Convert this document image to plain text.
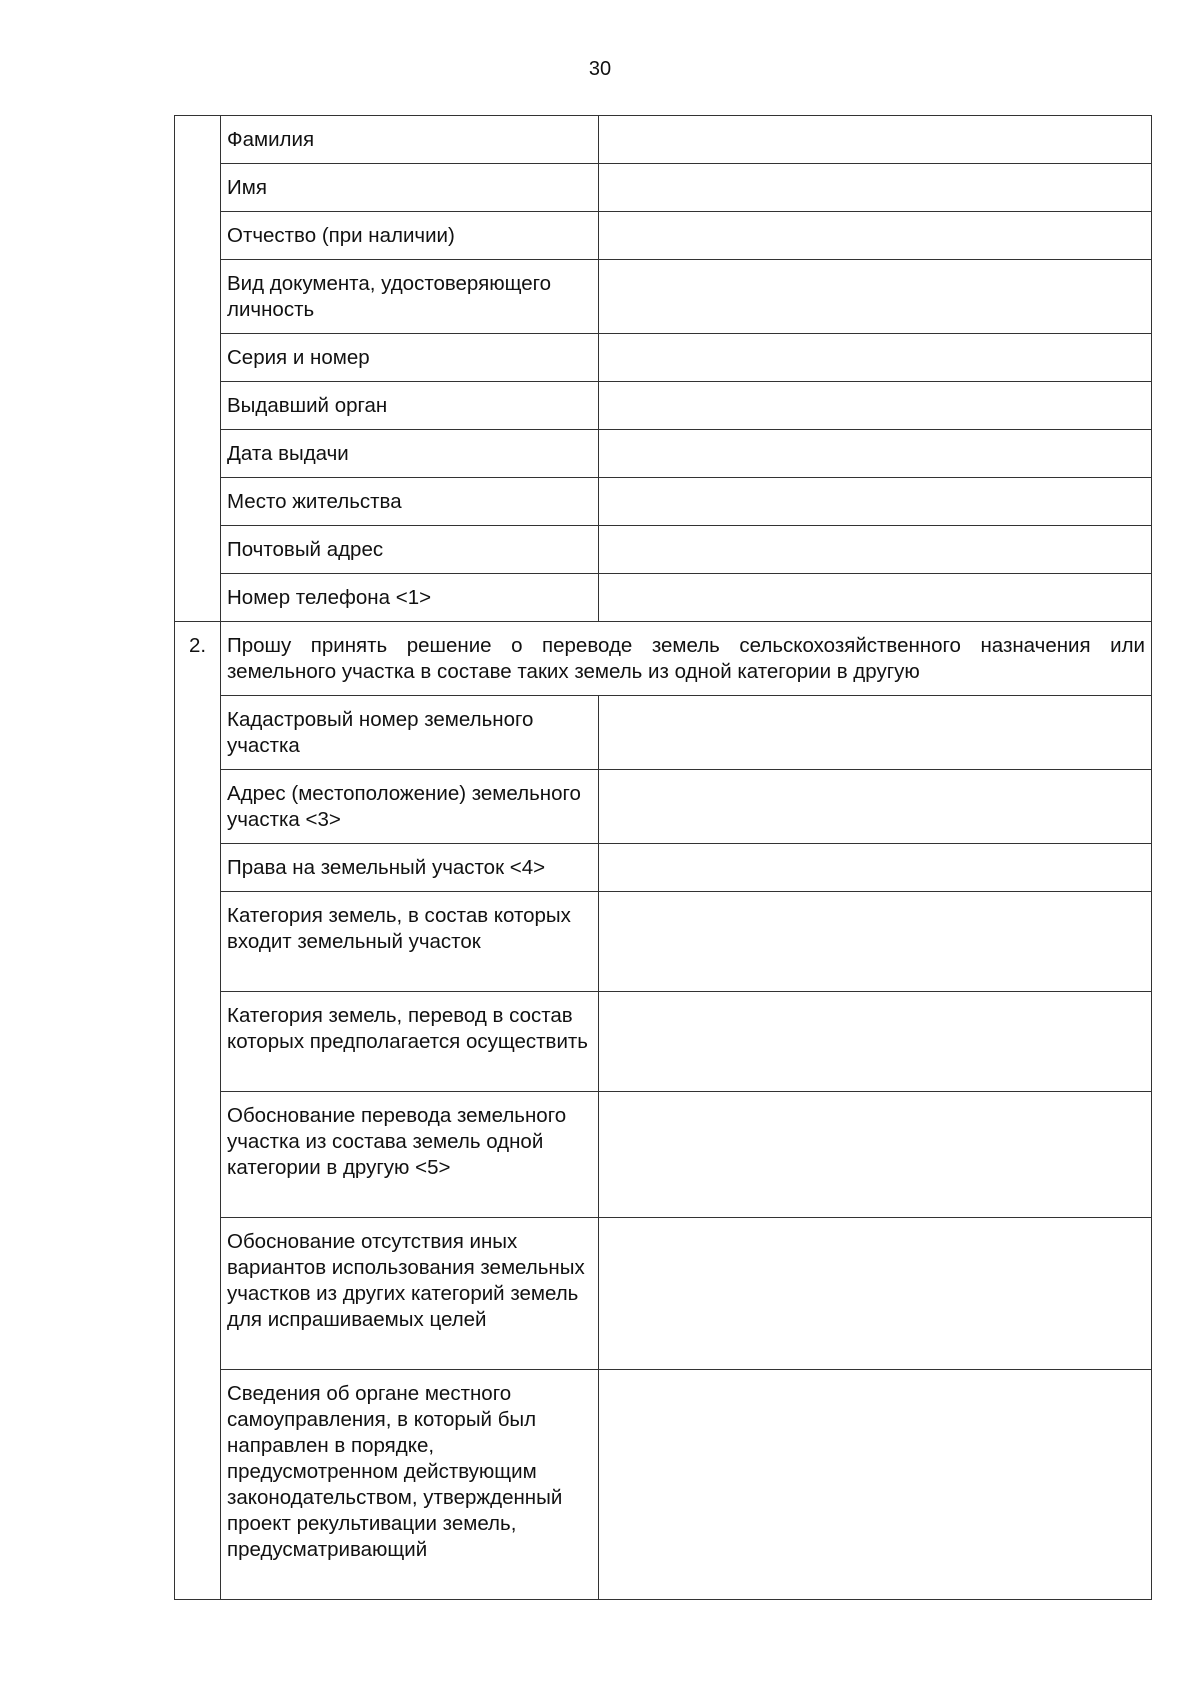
30
	Фамилия	
	Имя	
	Отчество (при наличии)	
	Вид документа, удостоверяющего личность	
	Серия и номер	
	Выдавший орган	
	Дата выдачи	
	Место жительства	
	Почтовый адрес	
	Номер телефона <1>	
2.	Прошу принять решение о переводе земель сельскохозяйственного назначения или земельного участка в составе таких земель из одной категории в другую	
	Кадастровый номер земельного участка	
	Адрес (местоположение) земельного участка <3>	
	Права на земельный участок <4>	
	Категория земель, в состав которых входит земельный участок	
	Категория земель, перевод в состав которых предполагается осуществить	
	Обоснование перевода земельного участка из состава земель одной категории в другую <5>	
	Обоснование отсутствия иных вариантов использования земельных участков из других категорий земель для испрашиваемых целей	
	Сведения об органе местного самоуправления, в который был направлен в порядке, предусмотренном действующим законодательством, утвержденный проект рекультивации земель, предусматривающий	
